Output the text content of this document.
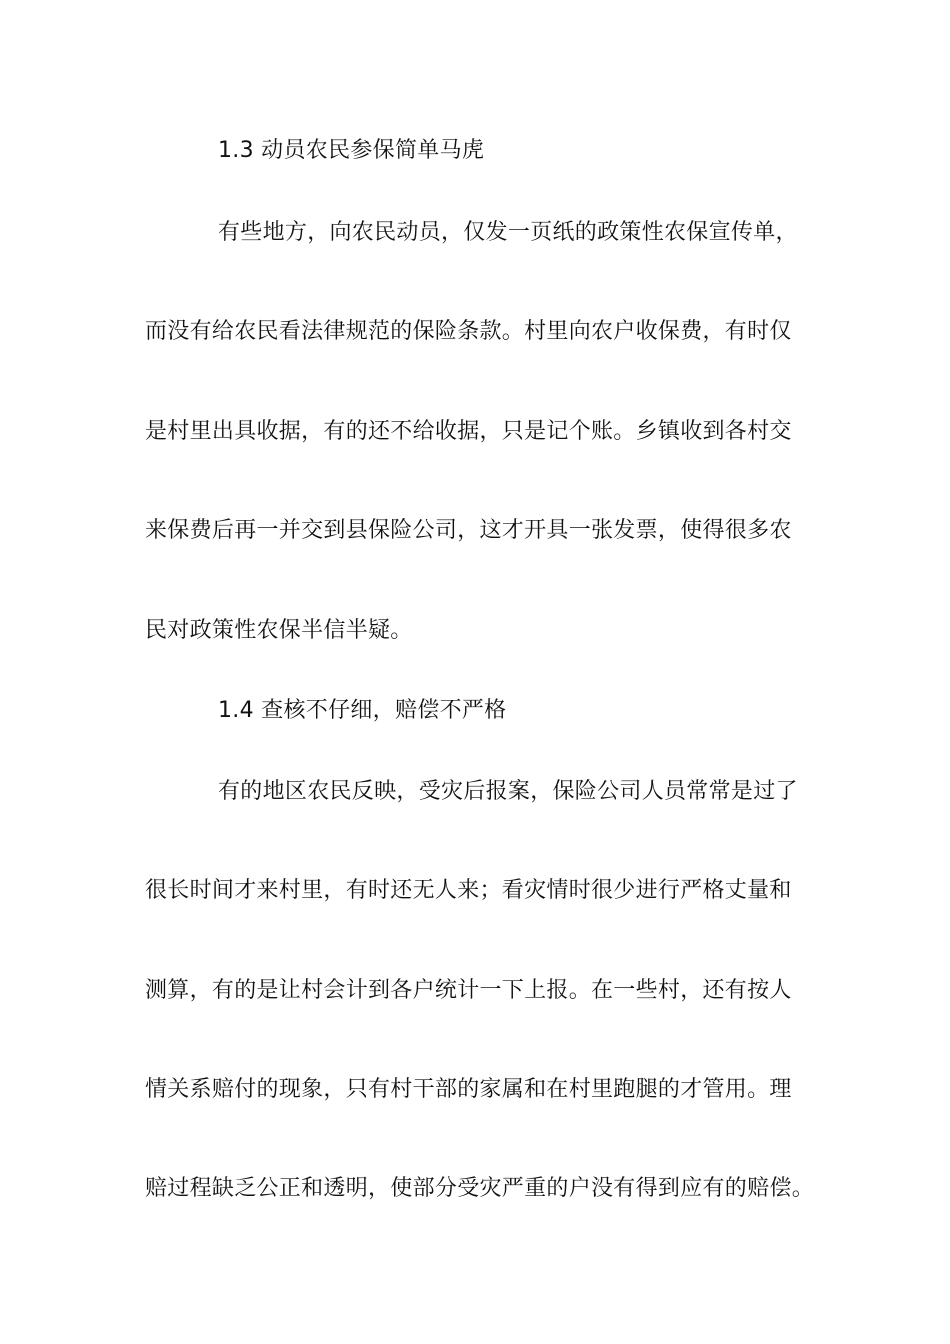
1.3 动员农民参保简单马虎
有些地方，向农民动员，仅发一页纸的政策性农保宣传单，
而没有给农民看法律规范的保险条款。村里向农户收保费，有时仅
是村里出具收据，有的还不给收据，只是记个账。乡镇收到各村交
来保费后再一并交到县保险公司，这才开具一张发票，使得很多农
民对政策性农保半信半疑。
1.4 查核不仔细，赔偿不严格
有的地区农民反映，受灾后报案，保险公司人员常常是过了
很长时间才来村里，有时还无人来；看灾情时很少进行严格丈量和
测算，有的是让村会计到各户统计一下上报。在一些村，还有按人
情关系赔付的现象，只有村干部的家属和在村里跑腿的才管用。理
赔过程缺乏公正和透明，使部分受灾严重的户没有得到应有的赔偿。
